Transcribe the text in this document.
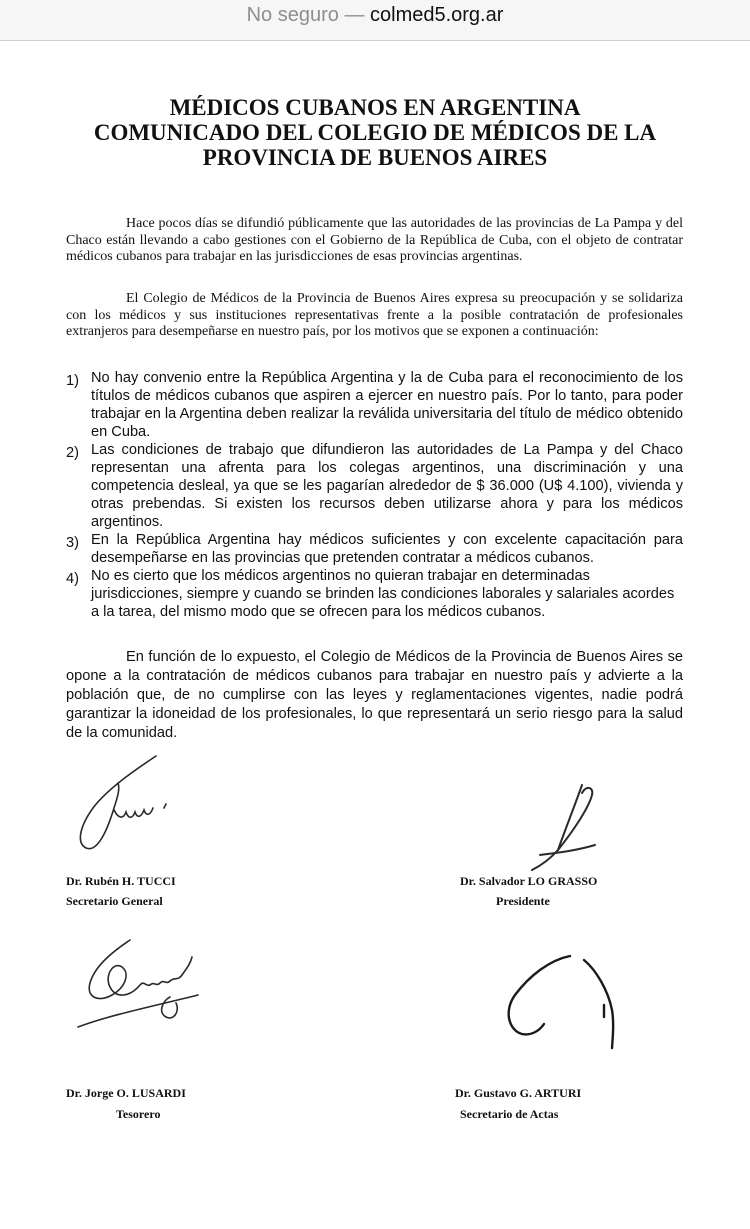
No seguro — colmed5.org.ar
MÉDICOS CUBANOS EN ARGENTINA
COMUNICADO DEL COLEGIO DE MÉDICOS DE LA
PROVINCIA DE BUENOS AIRES
Hace pocos días se difundió públicamente que las autoridades de las provincias de La Pampa y del Chaco están llevando a cabo gestiones con el Gobierno de la República de Cuba, con el objeto de contratar médicos cubanos para trabajar en las jurisdicciones de esas provincias argentinas.
El Colegio de Médicos de la Provincia de Buenos Aires expresa su preocupación y se solidariza con los médicos y sus instituciones representativas frente a la posible contratación de profesionales extranjeros para desempeñarse en nuestro país, por los motivos que se exponen a continuación:
1) No hay convenio entre la República Argentina y la de Cuba para el reconocimiento de los títulos de médicos cubanos que aspiren a ejercer en nuestro país. Por lo tanto, para poder trabajar en la Argentina deben realizar la reválida universitaria del título de médico obtenido en Cuba.
2) Las condiciones de trabajo que difundieron las autoridades de La Pampa y del Chaco representan una afrenta para los colegas argentinos, una discriminación y una competencia desleal, ya que se les pagarían alrededor de $ 36.000 (U$ 4.100), vivienda y otras prebendas. Si existen los recursos deben utilizarse ahora y para los médicos argentinos.
3) En la República Argentina hay médicos suficientes y con excelente capacitación para desempeñarse en las provincias que pretenden contratar a médicos cubanos.
4) No es cierto que los médicos argentinos no quieran trabajar en determinadas jurisdicciones, siempre y cuando se brinden las condiciones laborales y salariales acordes a la tarea, del mismo modo que se ofrecen para los médicos cubanos.
En función de lo expuesto, el Colegio de Médicos de la Provincia de Buenos Aires se opone a la contratación de médicos cubanos para trabajar en nuestro país y advierte a la población que, de no cumplirse con las leyes y reglamentaciones vigentes, nadie podrá garantizar la idoneidad de los profesionales, lo que representará un serio riesgo para la salud de la comunidad.
Dr. Rubén H. TUCCI
Secretario General
Dr. Salvador LO GRASSO
Presidente
Dr. Jorge O. LUSARDI
Tesorero
Dr. Gustavo G. ARTURI
Secretario de Actas
